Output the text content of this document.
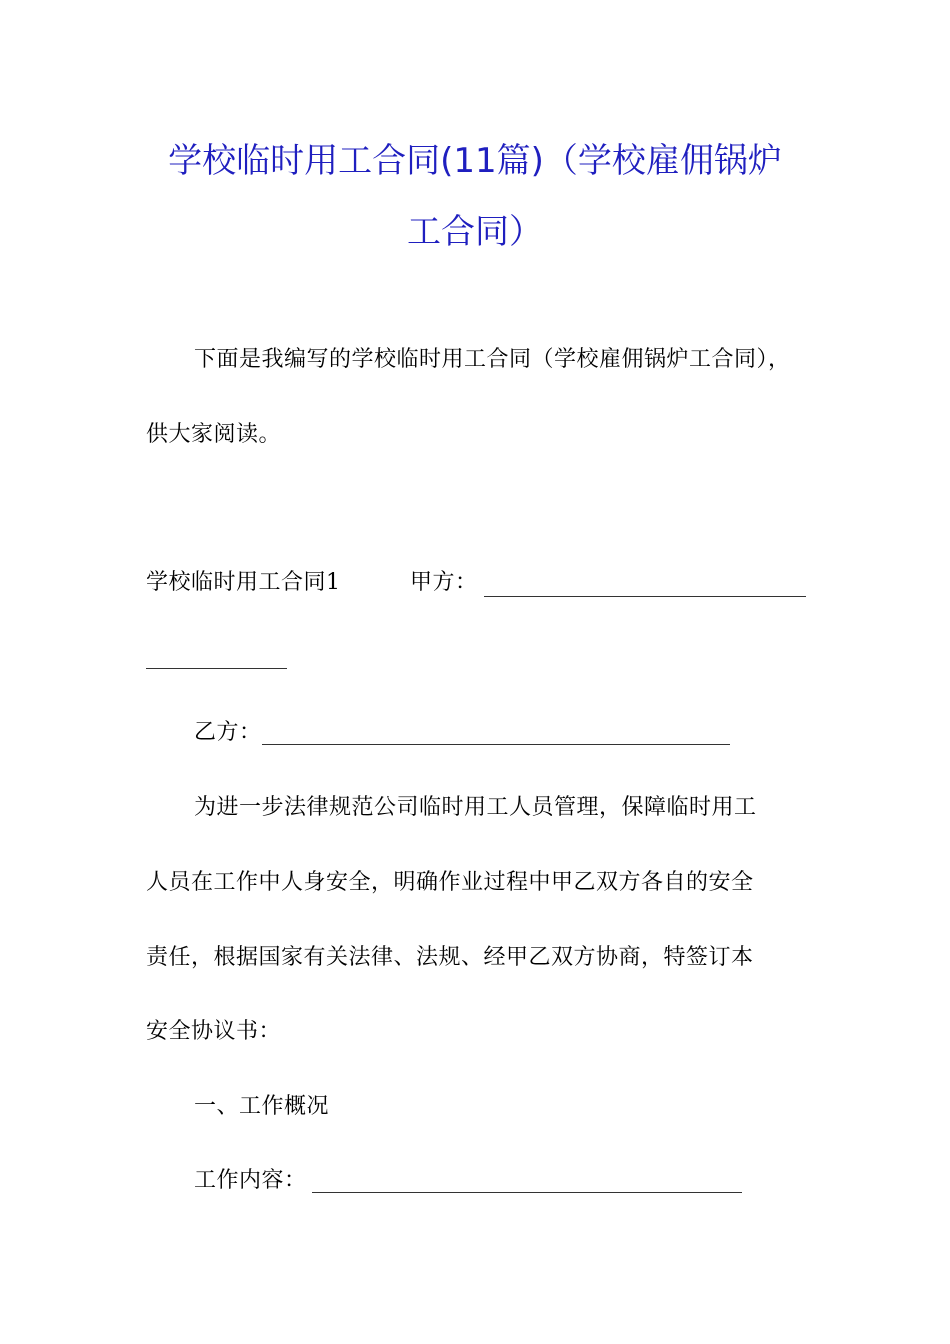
学校临时用工合同(11篇)（学校雇佣锅炉
工合同）
下面是我编写的学校临时用工合同（学校雇佣锅炉工合同），
供大家阅读。
学校临时用工合同1	甲方：
乙方：
为进一步法律规范公司临时用工人员管理，保障临时用工
人员在工作中人身安全，明确作业过程中甲乙双方各自的安全
责任，根据国家有关法律、法规、经甲乙双方协商，特签订本
安全协议书：
一、工作概况
工作内容：
